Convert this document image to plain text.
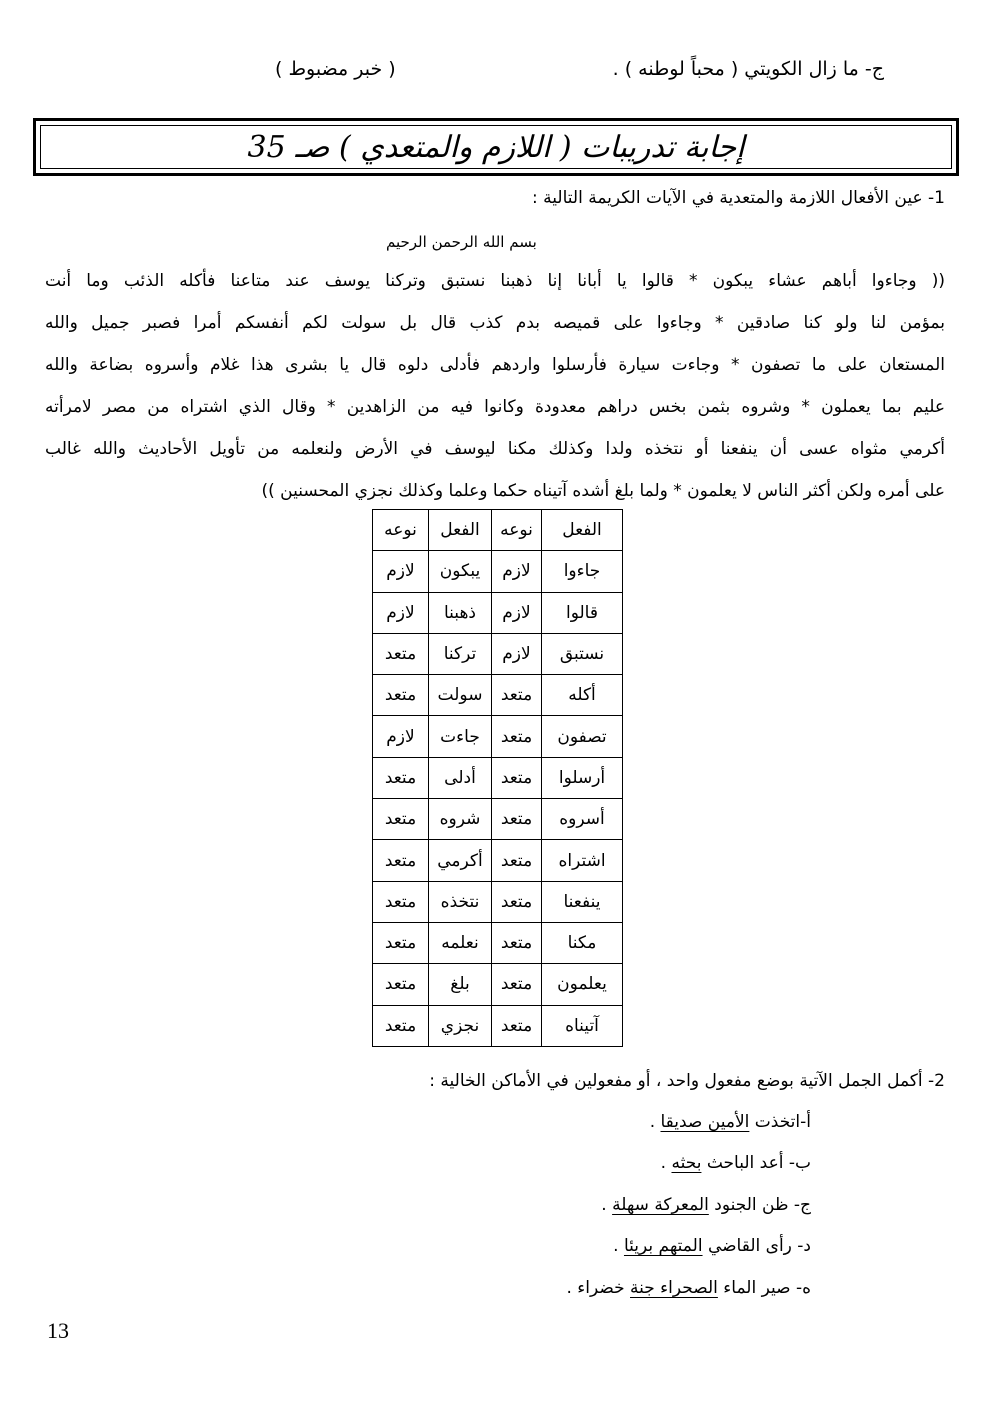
ج- ما زال الكويتي ( محباً لوطنه ) .
( خبر مضبوط )
إجابة تدريبات ( اللازم والمتعدي ) صـ 35
1- عين الأفعال اللازمة والمتعدية في الآيات الكريمة التالية :
بسم الله الرحمن الرحيم
(( وجاءوا أباهم عشاء يبكون * قالوا يا أبانا إنا ذهبنا نستبق وتركنا يوسف عند متاعنا فأكله الذئب وما أنت
بمؤمن لنا ولو كنا صادقين * وجاءوا على قميصه بدم كذب قال بل سولت لكم أنفسكم أمرا فصبر جميل والله
المستعان على ما تصفون * وجاءت سيارة فأرسلوا واردهم فأدلى دلوه قال يا بشرى هذا غلام وأسروه بضاعة والله
عليم بما يعملون * وشروه بثمن بخس دراهم معدودة وكانوا فيه من الزاهدين * وقال الذي اشتراه من مصر لامرأته
أكرمي مثواه عسى أن ينفعنا أو نتخذه ولدا وكذلك مكنا ليوسف في الأرض ولنعلمه من تأويل الأحاديث والله غالب
على أمره ولكن أكثر الناس لا يعلمون * ولما بلغ أشده آتيناه حكما وعلما وكذلك نجزي المحسنين ))
الفعل	نوعه	الفعل	نوعه
جاءوا	لازم	يبكون	لازم
قالوا	لازم	ذهبنا	لازم
نستبق	لازم	تركنا	متعد
أكله	متعد	سولت	متعد
تصفون	متعد	جاءت	لازم
أرسلوا	متعد	أدلى	متعد
أسروه	متعد	شروه	متعد
اشتراه	متعد	أكرمي	متعد
ينفعنا	متعد	نتخذه	متعد
مكنا	متعد	نعلمه	متعد
يعلمون	متعد	بلغ	متعد
آتيناه	متعد	نجزي	متعد
2- أكمل الجمل الآتية بوضع مفعول واحد ، أو مفعولين في الأماكن الخالية :
أ-اتخذت الأمين صديقا .
ب- أعد الباحث بحثه .
ج- ظن الجنود المعركة سهلة .
د- رأى القاضي المتهم بريئا .
ه- صير الماء الصحراء جنة خضراء .
13
